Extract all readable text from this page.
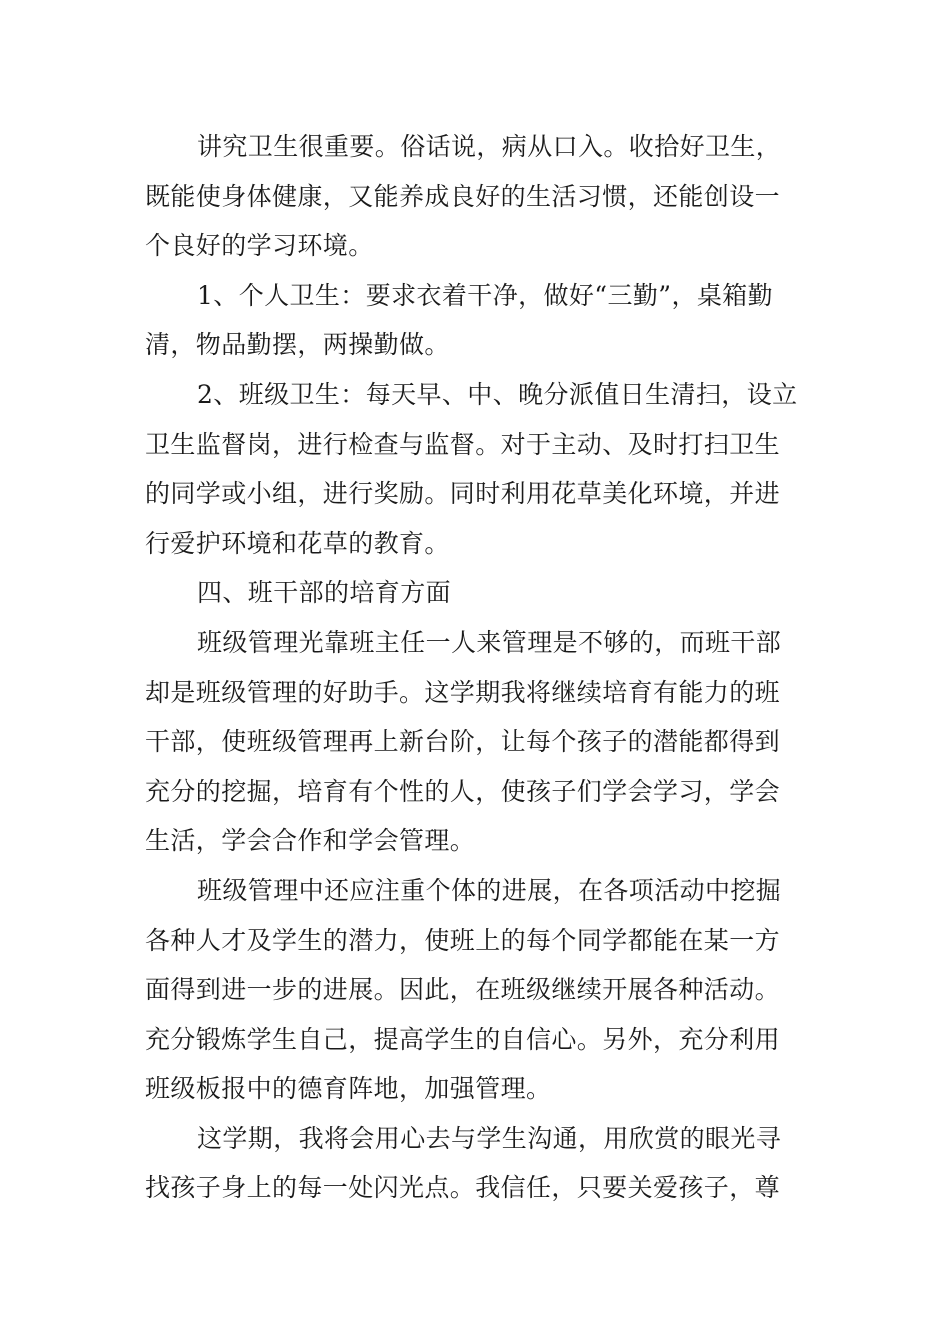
讲究卫生很重要。俗话说，病从口入。收拾好卫生，
既能使身体健康，又能养成良好的生活习惯，还能创设一
个良好的学习环境。
1、个人卫生：要求衣着干净，做好“三勤”，桌箱勤
清，物品勤摆，两操勤做。
2、班级卫生：每天早、中、晚分派值日生清扫，设立
卫生监督岗，进行检查与监督。对于主动、及时打扫卫生
的同学或小组，进行奖励。同时利用花草美化环境，并进
行爱护环境和花草的教育。
四、班干部的培育方面
班级管理光靠班主任一人来管理是不够的，而班干部
却是班级管理的好助手。这学期我将继续培育有能力的班
干部，使班级管理再上新台阶，让每个孩子的潜能都得到
充分的挖掘，培育有个性的人，使孩子们学会学习，学会
生活，学会合作和学会管理。
班级管理中还应注重个体的进展，在各项活动中挖掘
各种人才及学生的潜力，使班上的每个同学都能在某一方
面得到进一步的进展。因此，在班级继续开展各种活动。
充分锻炼学生自己，提高学生的自信心。另外，充分利用
班级板报中的德育阵地，加强管理。
这学期，我将会用心去与学生沟通，用欣赏的眼光寻
找孩子身上的每一处闪光点。我信任，只要关爱孩子，尊
